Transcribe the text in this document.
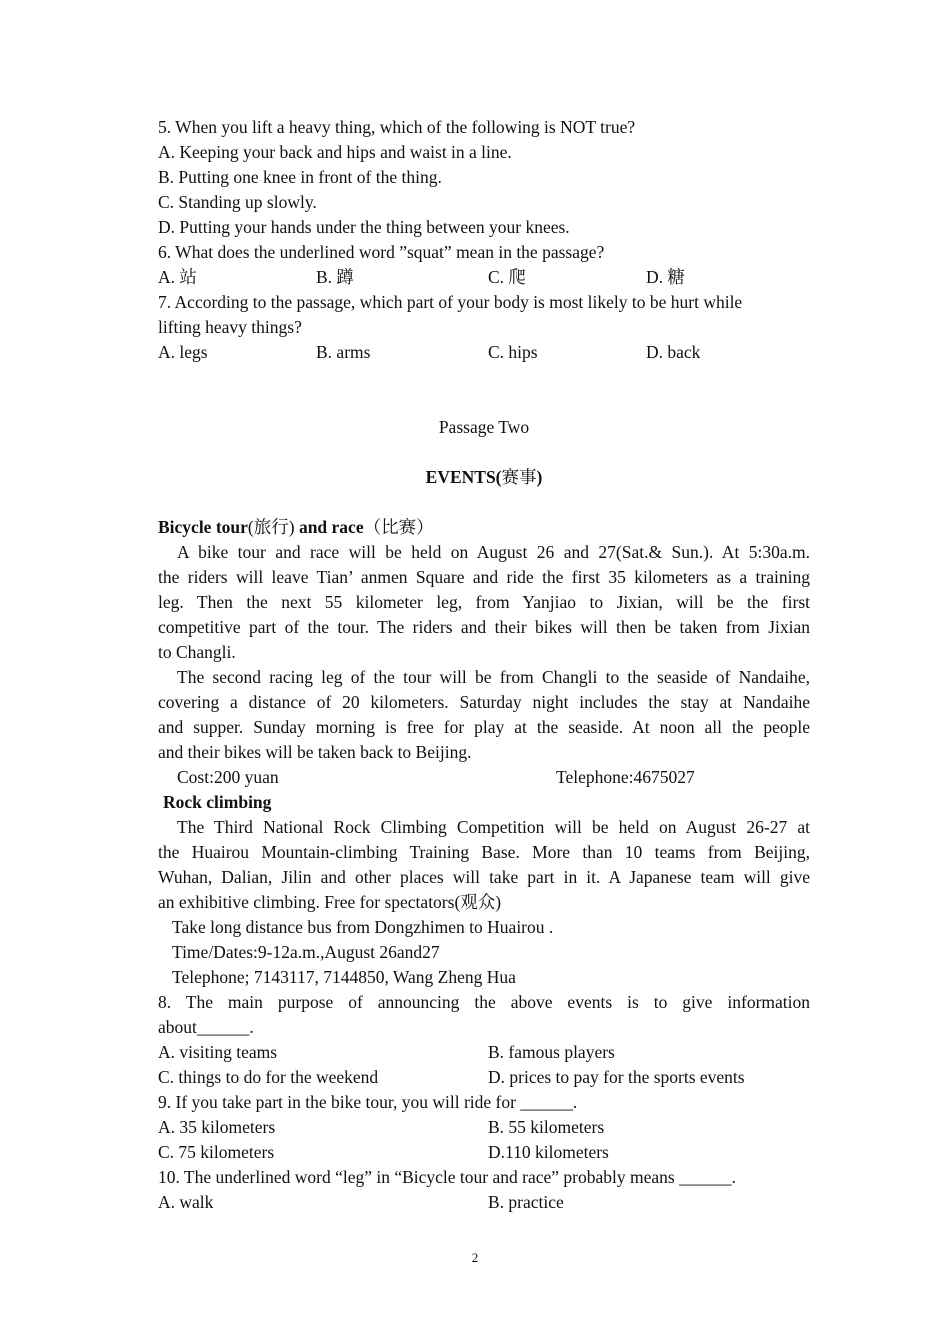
5. When you lift a heavy thing, which of the following is NOT true?
A. Keeping your back and hips and waist in a line.
B. Putting one knee in front of the thing.
C. Standing up slowly.
D. Putting your hands under the thing between your knees.
6. What does the underlined word ”squat” mean in the passage?
A. 站	B. 蹲	C. 爬	D. 糖
7. According to the passage, which part of your body is most likely to be hurt while
lifting heavy things?
A. legs	B. arms	C. hips	D. back
Passage Two
EVENTS(赛事)
Bicycle tour(旅行) and race（比赛）
A bike tour and race will be held on August 26 and 27(Sat.& Sun.). At 5:30a.m.
the riders will leave Tian’ anmen Square and ride the first 35 kilometers as a training
leg. Then the next 55 kilometer leg, from Yanjiao to Jixian, will be the first
competitive part of the tour. The riders and their bikes will then be taken from Jixian
to Changli.
The second racing leg of the tour will be from Changli to the seaside of Nandaihe,
covering a distance of 20 kilometers. Saturday night includes the stay at Nandaihe
and supper. Sunday morning is free for play at the seaside. At noon all the people
and their bikes will be taken back to Beijing.
Cost:200 yuan	Telephone:4675027
Rock climbing
The Third National Rock Climbing Competition will be held on August 26-27 at
the Huairou Mountain-climbing Training Base. More than 10 teams from Beijing,
Wuhan, Dalian, Jilin and other places will take part in it. A Japanese team will give
an exhibitive climbing. Free for spectators(观众)
Take long distance bus from Dongzhimen to Huairou .
Time/Dates:9-12a.m.,August 26and27
Telephone; 7143117, 7144850, Wang Zheng Hua
8. The main purpose of announcing the above events is to give information
about______.
A. visiting teams	B. famous players
C. things to do for the weekend	D. prices to pay for the sports events
9. If you take part in the bike tour, you will ride for ______.
A. 35 kilometers	B. 55 kilometers
C. 75 kilometers	D.110 kilometers
10. The underlined word “leg” in “Bicycle tour and race” probably means ______.
A. walk	B. practice
2
